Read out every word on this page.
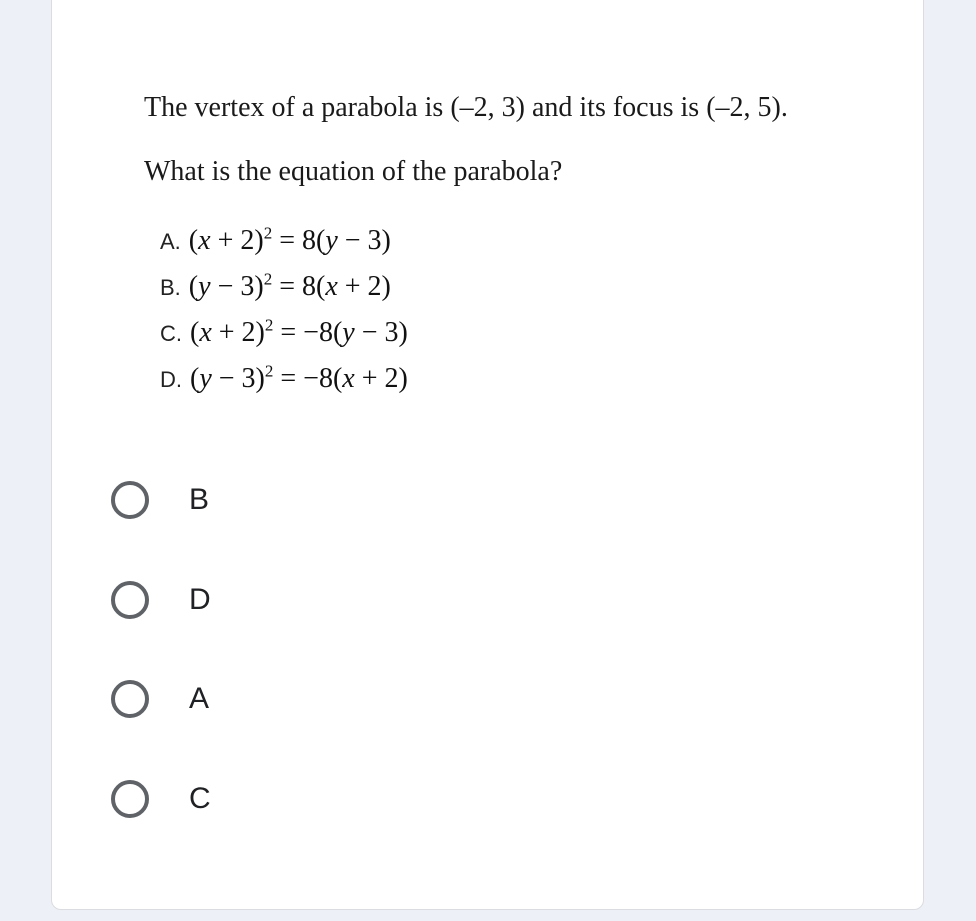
The vertex of a parabola is (–2, 3) and its focus is (–2, 5).
What is the equation of the parabola?
A. $(x + 2)^2 = 8(y - 3)$
B. $(y - 3)^2 = 8(x + 2)$
C. $(x + 2)^2 = -8(y - 3)$
D. $(y - 3)^2 = -8(x + 2)$
B
D
A
C
